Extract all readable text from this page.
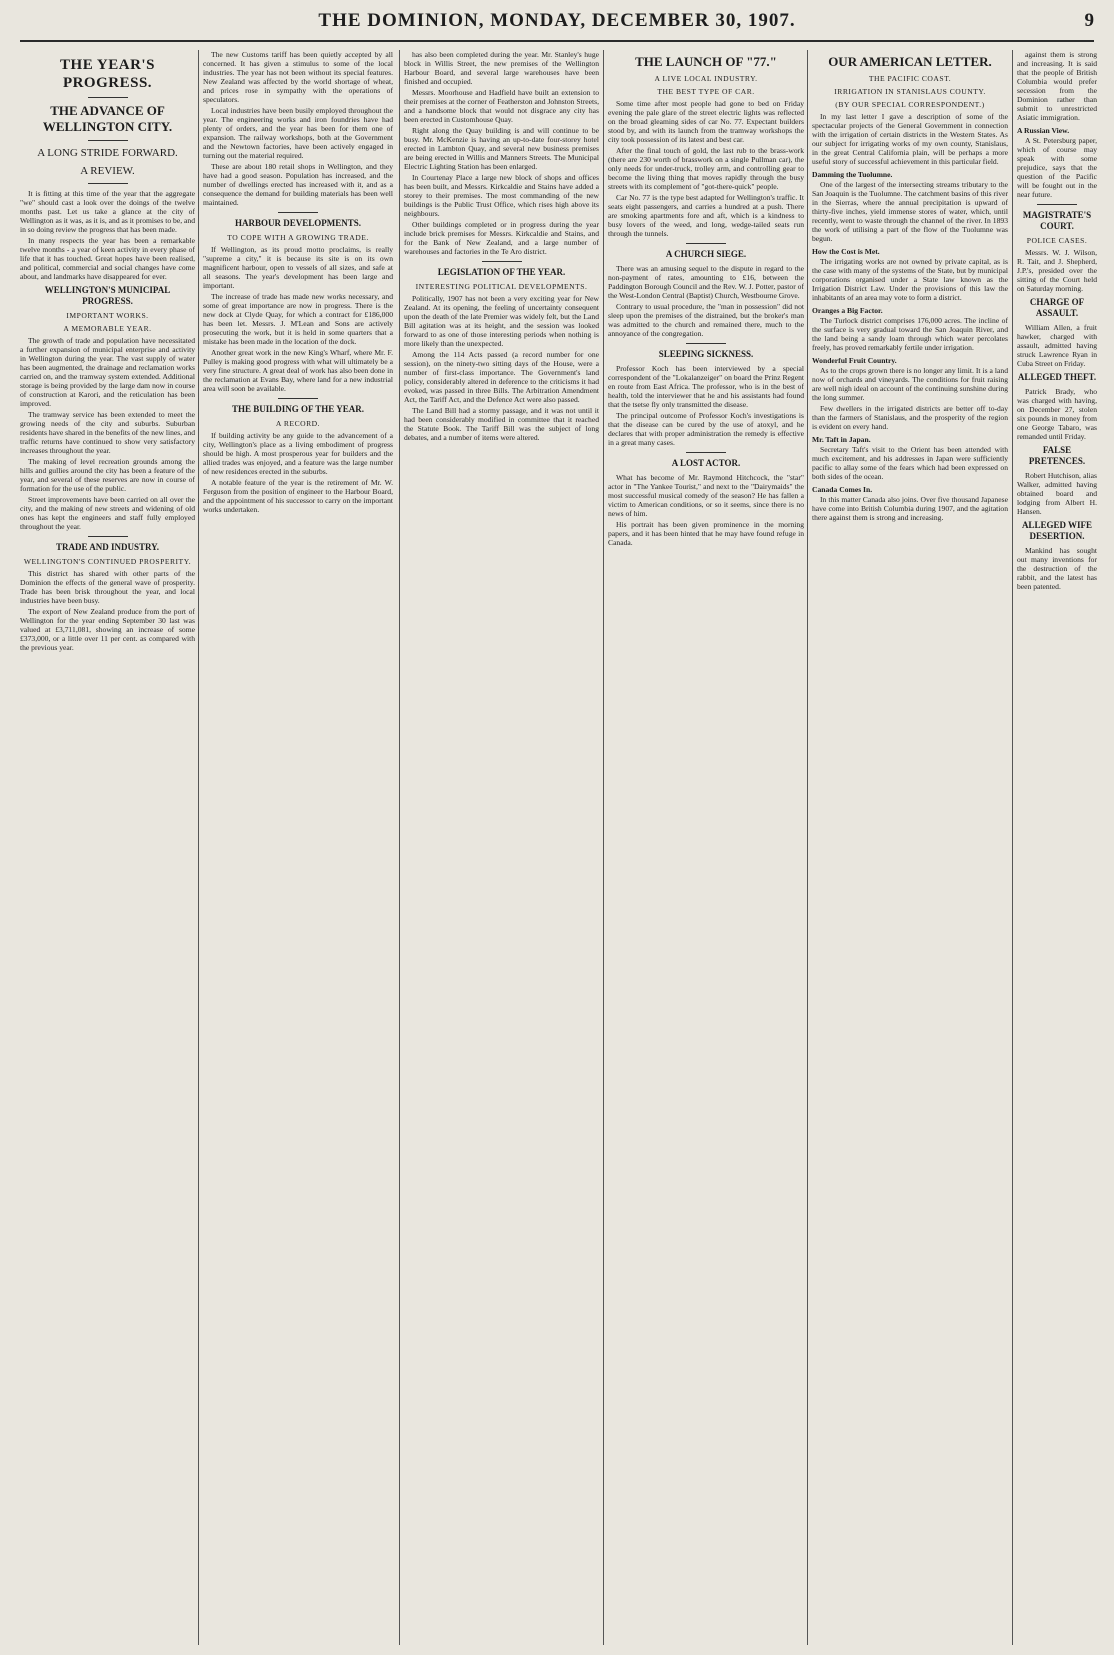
THE DOMINION, MONDAY, DECEMBER 30, 1907.	9
THE YEAR'S PROGRESS.
THE ADVANCE OF WELLINGTON CITY.
A LONG STRIDE FORWARD.
A REVIEW.

It is fitting at this time of the year that the aggregate "we" should cast a look over the doings of the twelve months past. Let us take a glance at the city of Wellington as it was, as it is, and as it promises to be, and in so doing review the progress that has been made.

In many respects the year has been a remarkable twelve months - a year of keen activity in every phase of life that it has touched. Great hopes have been realised, and political, commercial and social changes have come about, and landmarks have disappeared for ever.

WELLINGTON'S MUNICIPAL PROGRESS.
IMPORTANT WORKS.
A MEMORABLE YEAR.

The growth of trade and population have necessitated a further expansion of municipal enterprise and activity in Wellington during the year. The vast supply of water has been augmented, the drainage and reclamation works carried on, and the tramway system extended. Additional storage is being provided by the large dam now in course of construction at Karori, and the reticulation has been improved.

The tramway service has been extended to meet the growing needs of the city and suburbs. Suburban residents have shared in the benefits of the new lines, and traffic returns have continued to show very satisfactory increases throughout the year.

The making of level recreation grounds among the hills and gullies around the city has been a feature of the year, and several of these reserves are now in course of formation for the use of the public.

Street improvements have been carried on all over the city, and the making of new streets and widening of old ones has kept the engineers and staff fully employed throughout the year.

TRADE AND INDUSTRY.
WELLINGTON'S CONTINUED PROSPERITY.

This district has shared with other parts of the Dominion the effects of the general wave of prosperity. Trade has been brisk throughout the year, and local industries have been busy.

The export of New Zealand produce from the port of Wellington for the year ending September 30 last was valued at £3,711,081, showing an increase of some £373,000, or a little over 11 per cent. as compared with the previous year.

The new Customs tariff has been quietly accepted by all concerned. It has given a stimulus to some of the local industries. The year has not been without its special features. New Zealand was affected by the world shortage of wheat, and prices rose in sympathy with the operations of speculators.

Local industries have been busily employed throughout the year. The engineering works and iron foundries have had plenty of orders, and the year has been for them one of expansion. The railway workshops, both at the Government and the Newtown factories, have been actively engaged in turning out the material required.

These are about 180 retail shops in Wellington, and they have had a good season. Population has increased, and the number of dwellings erected has increased with it, and as a consequence the demand for building materials has been well maintained.

HARBOUR DEVELOPMENTS.
TO COPE WITH A GROWING TRADE.

If Wellington, as its proud motto proclaims, is really "supreme a city," it is because its site is on its own magnificent harbour, open to vessels of all sizes, and safe at all seasons. The year's development has been large and important.

The increase of trade has made new works necessary, and some of great importance are now in progress. There is the new dock at Clyde Quay, for which a contract for £186,000 has been let. Messrs. J. M'Lean and Sons are actively prosecuting the work, but it is held in some quarters that a mistake has been made in the location of the dock.

Another great work in the new King's Wharf, where Mr. F. Pulley is making good progress with what will ultimately be a very fine structure. A great deal of work has also been done in the reclamation at Evans Bay, where land for a new industrial area will soon be available.

THE BUILDING OF THE YEAR.
A RECORD.

If building activity be any guide to the advancement of a city, Wellington's place as a living embodiment of progress should be high. A most prosperous year for builders and the allied trades was enjoyed, and a feature was the large number of new residences erected in the suburbs.

A notable feature of the year is the retirement of Mr. W. Ferguson from the position of engineer to the Harbour Board, and the appointment of his successor to carry on the important works undertaken.

has also been completed during the year. Mr. Stanley's huge block in Willis Street, the new premises of the Wellington Harbour Board, and several large warehouses have been finished and occupied.

Messrs. Moorhouse and Hadfield have built an extension to their premises at the corner of Featherston and Johnston Streets, and a handsome block that would not disgrace any city has been erected in Customhouse Quay.

Right along the Quay building is and will continue to be busy. Mr. McKenzie is having an up-to-date four-storey hotel erected in Lambton Quay, and several new business premises are being erected in Willis and Manners Streets. The Municipal Electric Lighting Station has been enlarged.

In Courtenay Place a large new block of shops and offices has been built, and Messrs. Kirkcaldie and Stains have added a storey to their premises. The most commanding of the new buildings is the Public Trust Office, which rises high above its neighbours.

Other buildings completed or in progress during the year include brick premises for Messrs. Kirkcaldie and Stains, and for the Bank of New Zealand, and a large number of warehouses and factories in the Te Aro district.

LEGISLATION OF THE YEAR.
INTERESTING POLITICAL DEVELOPMENTS.

Politically, 1907 has not been a very exciting year for New Zealand. At its opening, the feeling of uncertainty consequent upon the death of the late Premier was widely felt, but the Land Bill agitation was at its height, and the session was looked forward to as one of those interesting periods when nothing is more likely than the unexpected.

Among the 114 Acts passed (a record number for one session), on the ninety-two sitting days of the House, were a number of first-class importance. The Government's land policy, considerably altered in deference to the criticisms it had evoked, was passed in three Bills. The Arbitration Amendment Act, the Tariff Act, and the Defence Act were also passed.

The Land Bill had a stormy passage, and it was not until it had been considerably modified in committee that it reached the Statute Book. The Tariff Bill was the subject of long debates, and a number of items were altered.

THE LAUNCH OF "77."
A LIVE LOCAL INDUSTRY.
THE BEST TYPE OF CAR.

Some time after most people had gone to bed on Friday evening the pale glare of the street electric lights was reflected on the broad gleaming sides of car No. 77. Expectant builders stood by, and with its launch from the tramway workshops the city took possession of its latest and best car.

After the final touch of gold, the last rub to the brass-work (there are 230 worth of brasswork on a single Pullman car), the only needs for under-truck, trolley arm, and controlling gear to become the living thing that moves rapidly through the busy streets with its complement of "got-there-quick" people.

Car No. 77 is the type best adapted for Wellington's traffic. It seats eight passengers, and carries a hundred at a push. There are smoking apartments fore and aft, which is a kindness to busy lovers of the weed, and long, wedge-tailed seats run through the tunnels.

A CHURCH SIEGE.

There was an amusing sequel to the dispute in regard to the non-payment of rates, amounting to £16, between the Paddington Borough Council and the Rev. W. J. Potter, pastor of the West-London Central (Baptist) Church, Westbourne Grove.

Contrary to usual procedure, the "man in possession" did not sleep upon the premises of the distrained, but the broker's man was admitted to the church and remained there, much to the annoyance of the congregation.

SLEEPING SICKNESS.

Professor Koch has been interviewed by a special correspondent of the "Lokalanzeiger" on board the Prinz Regent en route from East Africa. The professor, who is in the best of health, told the interviewer that he and his assistants had found that the tsetse fly only transmitted the disease.

The principal outcome of Professor Koch's investigations is that the disease can be cured by the use of atoxyl, and he declares that with proper administration the remedy is effective in a great many cases.

A LOST ACTOR.

What has become of Mr. Raymond Hitchcock, the "star" actor in "The Yankee Tourist," and next to the "Dairymaids" the most successful musical comedy of the season? He has fallen a victim to American conditions, or so it seems, since there is no news of him.

His portrait has been given prominence in the morning papers, and it has been hinted that he may have found refuge in Canada.

OUR AMERICAN LETTER.
THE PACIFIC COAST.
IRRIGATION IN STANISLAUS COUNTY.
(BY OUR SPECIAL CORRESPONDENT.)

In my last letter I gave a description of some of the spectacular projects of the General Government in connection with the irrigation of certain districts in the Western States. As our subject for irrigating works of my own county, Stanislaus, in the great Central California plain, will be perhaps a more useful story of successful achievement in this particular field.

Damming the Tuolumne.

One of the largest of the intersecting streams tributary to the San Joaquin is the Tuolumne. The catchment basins of this river in the Sierras, where the annual precipitation is upward of thirty-five inches, yield immense stores of water, which, until recently, went to waste through the channel of the river. In 1893 the work of utilising a part of the flow of the Tuolumne was begun.

How the Cost is Met.

The irrigating works are not owned by private capital, as is the case with many of the systems of the State, but by municipal corporations organised under a State law known as the Irrigation District Law. Under the provisions of this law the inhabitants of an area may vote to form a district.

Oranges a Big Factor.

The Turlock district comprises 176,000 acres. The incline of the surface is very gradual toward the San Joaquin River, and the land being a sandy loam through which water percolates freely, has proved remarkably fertile under irrigation.

Wonderful Fruit Country.

As to the crops grown there is no longer any limit. It is a land now of orchards and vineyards. The conditions for fruit raising are well nigh ideal on account of the continuing sunshine during the long summer.

Few dwellers in the irrigated districts are better off to-day than the farmers of Stanislaus, and the prosperity of the region is evident on every hand.

Mr. Taft in Japan.

Secretary Taft's visit to the Orient has been attended with much excitement, and his addresses in Japan were sufficiently pacific to allay some of the fears which had been expressed on both sides of the ocean.

Canada Comes In.

In this matter Canada also joins. Over five thousand Japanese have come into British Columbia during 1907, and the agitation there against them is strong and increasing.

against them is strong and increasing. It is said that the people of British Columbia would prefer secession from the Dominion rather than submit to unrestricted Asiatic immigration.

A Russian View.

A St. Petersburg paper, which of course may speak with some prejudice, says that the question of the Pacific will be fought out in the near future.

MAGISTRATE'S COURT.
POLICE CASES.

Messrs. W. J. Wilson, R. Tait, and J. Shepherd, J.P.'s, presided over the sitting of the Court held on Saturday morning.

CHARGE OF ASSAULT.

William Allen, a fruit hawker, charged with assault, admitted having struck Lawrence Ryan in Cuba Street on Friday.

ALLEGED THEFT.

Patrick Brady, who was charged with having, on December 27, stolen six pounds in money from one George Tabaro, was remanded until Friday.

FALSE PRETENCES.

Robert Hutchison, alias Walker, admitted having obtained board and lodging from Albert H. Hansen.

ALLEGED WIFE DESERTION.

Mankind has sought out many inventions for the destruction of the rabbit, and the latest has been patented.
